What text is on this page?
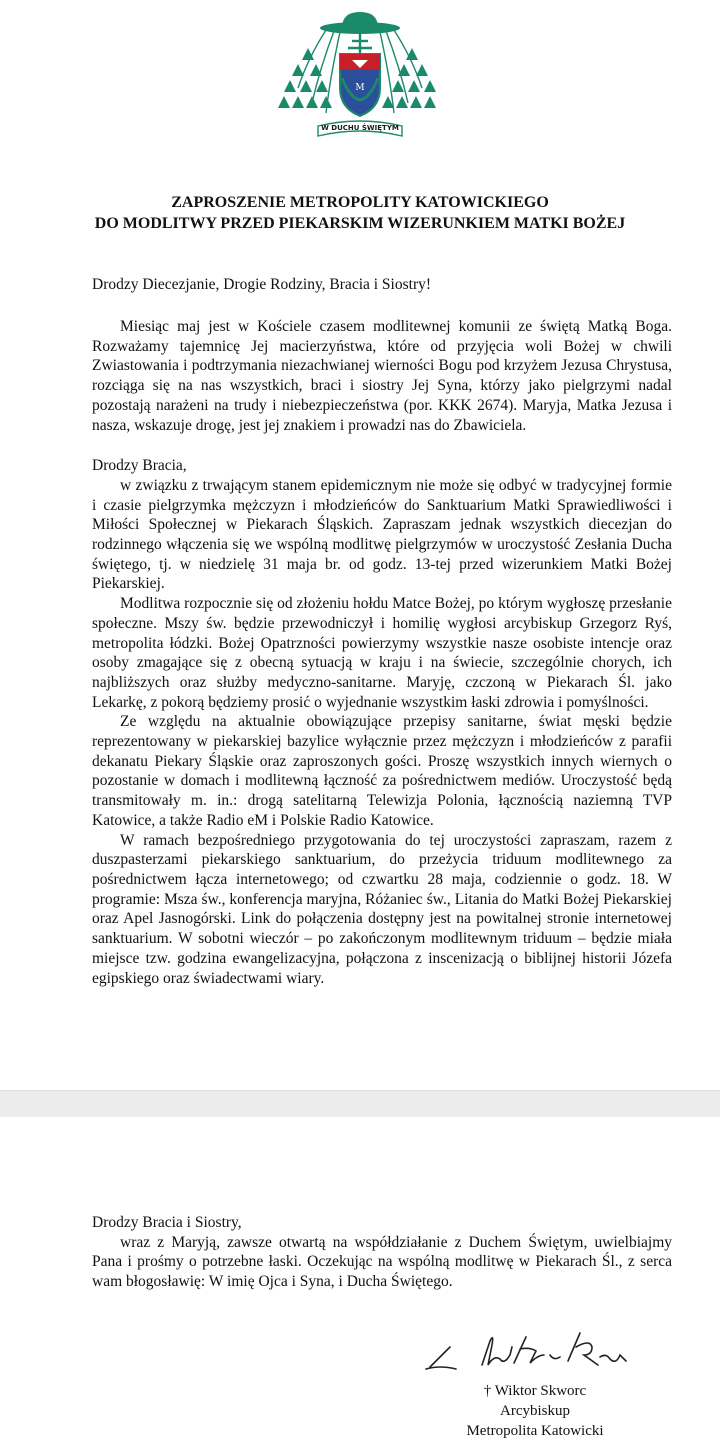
M
W DUCHU ŚWIĘTYM
ZAPROSZENIE METROPOLITY KATOWICKIEGO
DO MODLITWY PRZED PIEKARSKIM WIZERUNKIEM MATKI BOŻEJ
Drodzy Diecezjanie, Drogie Rodziny, Bracia i Siostry!

Miesiąc maj jest w Kościele czasem modlitewnej komunii ze świętą Matką Boga. Rozważamy tajemnicę Jej macierzyństwa, które od przyjęcia woli Bożej w chwili Zwiastowania i podtrzymania niezachwianej wierności Bogu pod krzyżem Jezusa Chrystusa, rozciąga się na nas wszystkich, braci i siostry Jej Syna, którzy jako pielgrzymi nadal pozostają narażeni na trudy i niebezpieczeństwa (por. KKK 2674). Maryja, Matka Jezusa i nasza, wskazuje drogę, jest jej znakiem i prowadzi nas do Zbawiciela.

Drodzy Bracia,

w związku z trwającym stanem epidemicznym nie może się odbyć w tradycyjnej formie i czasie pielgrzymka mężczyzn i młodzieńców do Sanktuarium Matki Sprawiedliwości i Miłości Społecznej w Piekarach Śląskich. Zapraszam jednak wszystkich diecezjan do rodzinnego włączenia się we wspólną modlitwę pielgrzymów w uroczystość Zesłania Ducha świętego, tj. w niedzielę 31 maja br. od godz. 13-tej przed wizerunkiem Matki Bożej Piekarskiej.

Modlitwa rozpocznie się od złożeniu hołdu Matce Bożej, po którym wygłoszę przesłanie społeczne. Mszy św. będzie przewodniczył i homilię wygłosi arcybiskup Grzegorz Ryś, metropolita łódzki. Bożej Opatrzności powierzymy wszystkie nasze osobiste intencje oraz osoby zmagające się z obecną sytuacją w kraju i na świecie, szczególnie chorych, ich najbliższych oraz służby medyczno-sanitarne. Maryję, czczoną w Piekarach Śl. jako Lekarkę, z pokorą będziemy prosić o wyjednanie wszystkim łaski zdrowia i pomyślności.

Ze względu na aktualnie obowiązujące przepisy sanitarne, świat męski będzie reprezentowany w piekarskiej bazylice wyłącznie przez mężczyzn i młodzieńców z parafii dekanatu Piekary Śląskie oraz zaproszonych gości. Proszę wszystkich innych wiernych o pozostanie w domach i modlitewną łączność za pośrednictwem mediów. Uroczystość będą transmitowały m. in.: drogą satelitarną Telewizja Polonia, łącznością naziemną TVP Katowice, a także Radio eM i Polskie Radio Katowice.

W ramach bezpośredniego przygotowania do tej uroczystości zapraszam, razem z duszpasterzami piekarskiego sanktuarium, do przeżycia triduum modlitewnego za pośrednictwem łącza internetowego; od czwartku 28 maja, codziennie o godz. 18. W programie: Msza św., konferencja maryjna, Różaniec św., Litania do Matki Bożej Piekarskiej oraz Apel Jasnogórski. Link do połączenia dostępny jest na powitalnej stronie internetowej sanktuarium. W sobotni wieczór – po zakończonym modlitewnym triduum – będzie miała miejsce tzw. godzina ewangelizacyjna, połączona z inscenizacją o biblijnej historii Józefa egipskiego oraz świadectwami wiary.

Drodzy Bracia i Siostry,

wraz z Maryją, zawsze otwartą na współdziałanie z Duchem Świętym, uwielbiajmy Pana i prośmy o potrzebne łaski. Oczekując na wspólną modlitwę w Piekarach Śl., z serca wam błogosławię: W imię Ojca i Syna, i Ducha Świętego.

† Wiktor Skworc
Arcybiskup
Metropolita Katowicki
